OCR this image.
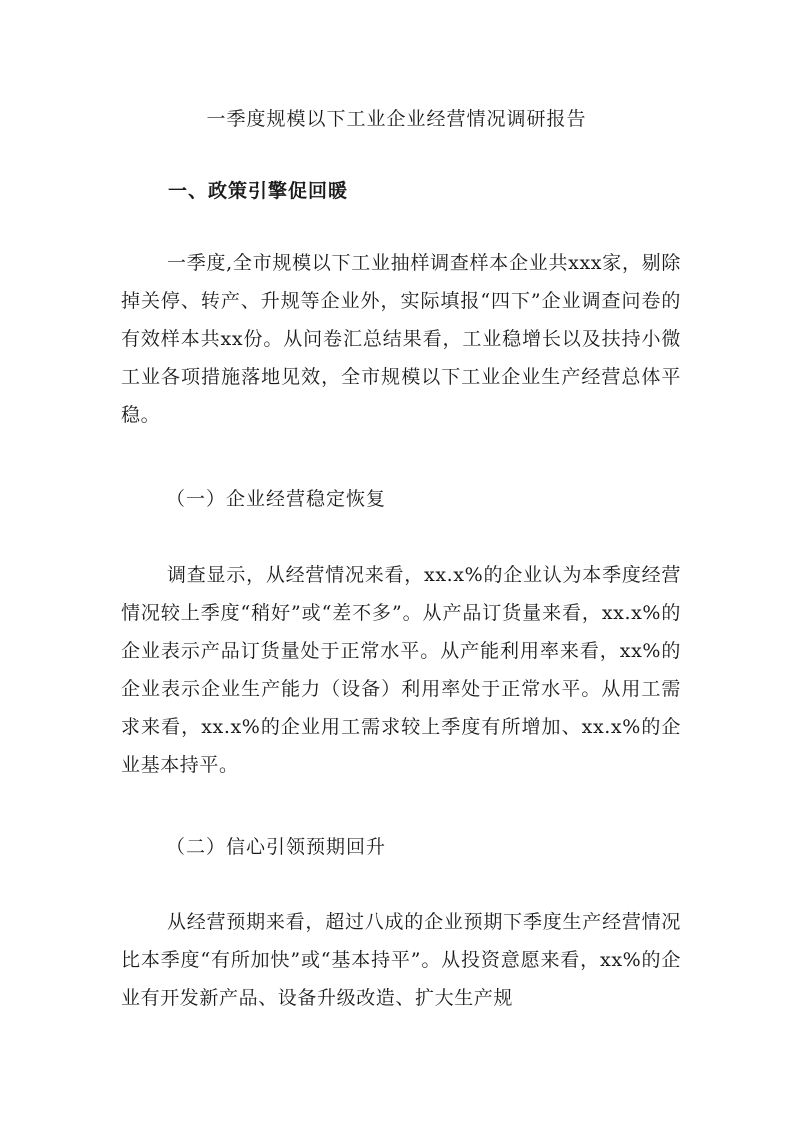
一季度规模以下工业企业经营情况调研报告
一、政策引擎促回暖

一季度,全市规模以下工业抽样调查样本企业共xxx家，剔除掉关停、转产、升规等企业外，实际填报“四下”企业调查问卷的有效样本共xx份。从问卷汇总结果看，工业稳增长以及扶持小微工业各项措施落地见效，全市规模以下工业企业生产经营总体平稳。

（一）企业经营稳定恢复

调查显示，从经营情况来看，xx.x%的企业认为本季度经营情况较上季度“稍好”或“差不多”。从产品订货量来看，xx.x%的企业表示产品订货量处于正常水平。从产能利用率来看，xx%的企业表示企业生产能力（设备）利用率处于正常水平。从用工需求来看，xx.x%的企业用工需求较上季度有所增加、xx.x%的企业基本持平。

（二）信心引领预期回升

从经营预期来看，超过八成的企业预期下季度生产经营情况比本季度“有所加快”或“基本持平”。从投资意愿来看，xx%的企业有开发新产品、设备升级改造、扩大生产规
